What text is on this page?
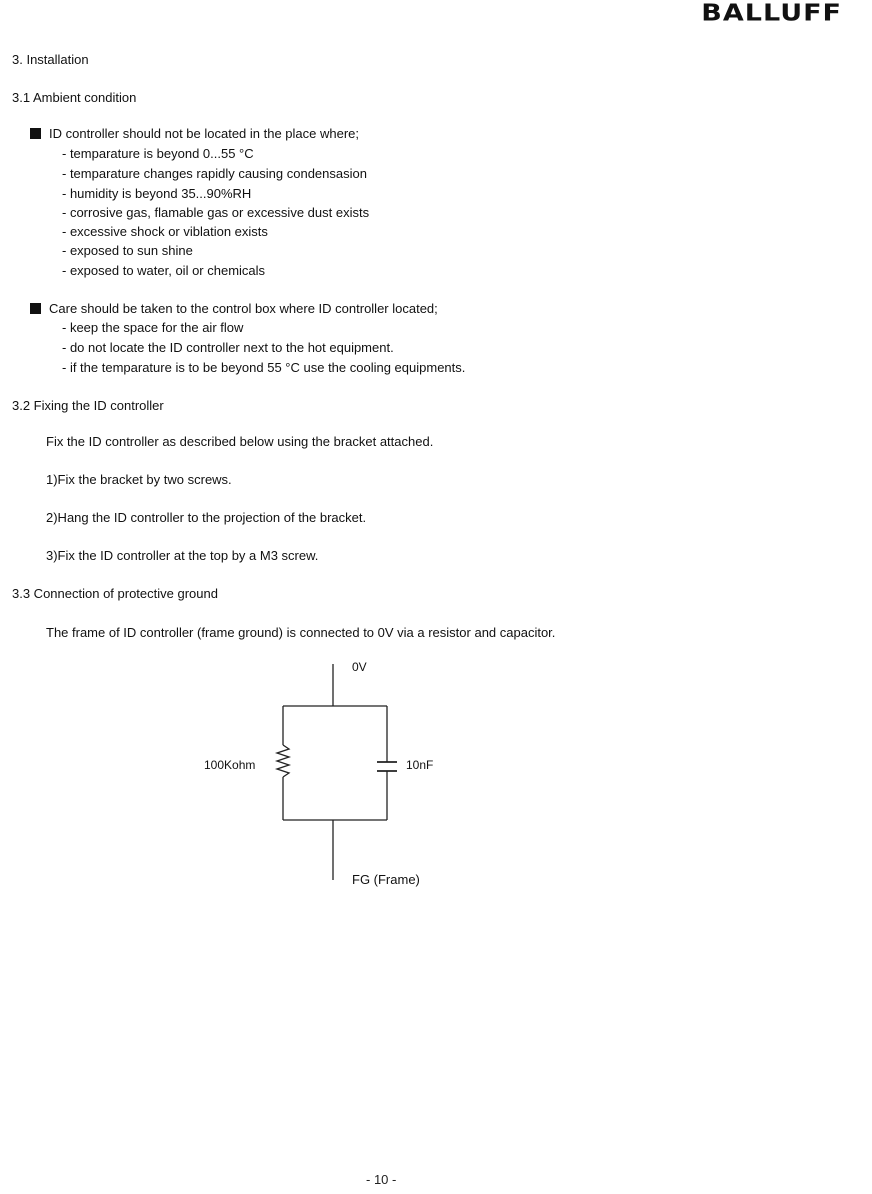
BALLUFF
3. Installation
3.1 Ambient condition
ID controller should not be located in the place where;
- temparature is beyond 0...55 °C
- temparature changes rapidly causing condensasion
- humidity is beyond 35...90%RH
- corrosive gas, flamable gas or excessive dust exists
- excessive shock or viblation exists
- exposed to sun shine
- exposed to water, oil or chemicals
Care should be taken to the control box where ID controller located;
- keep the space for the air flow
- do not locate the ID controller next to the hot equipment.
- if the temparature is to be beyond 55 °C use the cooling equipments.
3.2 Fixing the ID controller
Fix the ID controller as described below using the bracket attached.
1)Fix the bracket by two screws.
2)Hang the ID controller to the projection of the bracket.
3)Fix the ID controller at the top by a M3 screw.
3.3 Connection of protective ground
The frame of ID controller (frame ground) is connected to 0V via a resistor and capacitor.
0V
100Kohm	10nF
FG (Frame)
- 10 -
